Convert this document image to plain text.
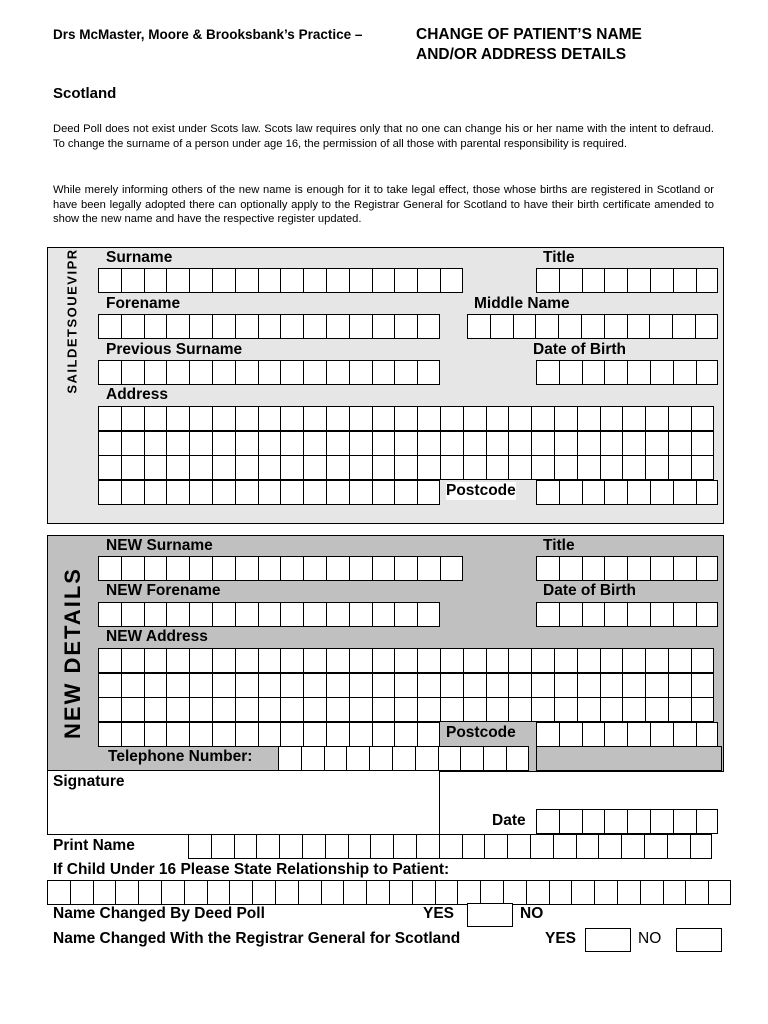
Drs McMaster, Moore & Brooksbank’s Practice –	CHANGE OF PATIENT’S NAME
AND/OR ADDRESS DETAILS
Scotland
Deed Poll does not exist under Scots law. Scots law requires only that no one can change his or her name with the intent to defraud. To change the surname of a person under age 16, the permission of all those with parental responsibility is required.
While merely informing others of the new name is enough for it to take legal effect, those whose births are registered in Scotland or have been legally adopted there can optionally apply to the Registrar General for Scotland to have their birth certificate amended to show the new name and have the respective register updated.
SAILDETSOUEVIPR Surname	Title
Forename	Middle Name
Previous Surname	Date of Birth
Address
Postcode
NEW DETAILS
NEW Surname	Title
NEW Forename	Date of Birth
NEW Address
Postcode
Telephone Number:
Signature
Date
Print Name
If Child Under 16 Please State Relationship to Patient:
Name Changed By Deed Poll	YES	NO
Name Changed With the Registrar General for Scotland	YES	NO
